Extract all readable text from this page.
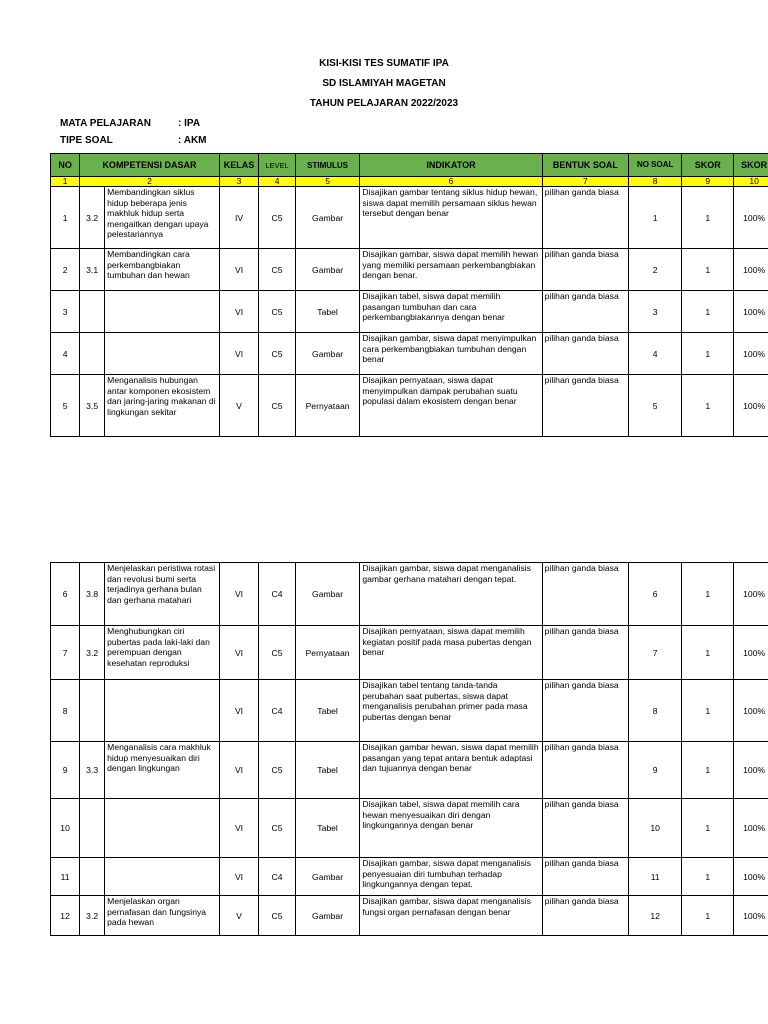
KISI-KISI TES SUMATIF IPA
SD ISLAMIYAH MAGETAN
TAHUN PELAJARAN 2022/2023
MATA PELAJARAN	: IPA
TIPE SOAL	: AKM
NO	KOMPETENSI DASAR		KELAS	LEVEL	STIMULUS	INDIKATOR	BENTUK SOAL	NO SOAL	SKOR	SKOR
1	2		3	4	5	6	7	8	9	10
1	3.2	Membandingkan siklus hidup beberapa jenis makhluk hidup serta mengaitkan dengan upaya pelestariannya	IV	C5	Gambar	Disajikan gambar tentang siklus hidup hewan, siswa dapat memilih persamaan siklus hewan tersebut dengan benar	pilihan ganda biasa	1	1	100%
2	3.1	Membandingkan cara perkembangbiakan tumbuhan dan hewan	VI	C5	Gambar	Disajikan gambar, siswa dapat memilih hewan yang memiliki persamaan perkembangbiakan dengan benar.	pilihan ganda biasa	2	1	100%
3			VI	C5	Tabel	Disajikan tabel, siswa dapat memilih pasangan tumbuhan dan cara perkembangbiakannya dengan benar	pilihan ganda biasa	3	1	100%
4			VI	C5	Gambar	Disajikan gambar, siswa dapat menyimpulkan cara perkembangbiakan tumbuhan dengan benar	pilihan ganda biasa	4	1	100%
5	3.5	Menganalisis hubungan antar komponen ekosistem dan jaring-jaring makanan di lingkungan sekitar	V	C5	Pernyataan	Disajikan pernyataan, siswa dapat menyimpulkan dampak perubahan suatu populasi dalam ekosistem dengan benar	pilihan ganda biasa	5	1	100%
6	3.8	Menjelaskan peristiwa rotasi dan revolusi bumi serta terjadinya gerhana bulan dan gerhana matahari	VI	C4	Gambar	Disajikan gambar, siswa dapat menganalisis gambar gerhana matahari dengan tepat.	pilihan ganda biasa	6	1	100%
7	3.2	Menghubungkan ciri pubertas pada laki-laki dan perempuan dengan kesehatan reproduksi	VI	C5	Pernyataan	Disajikan pernyataan, siswa dapat memilih kegiatan positif pada masa pubertas dengan benar	pilihan ganda biasa	7	1	100%
8			VI	C4	Tabel	Disajikan tabel tentang tanda-tanda perubahan saat pubertas, siswa dapat menganalisis perubahan primer pada masa pubertas dengan benar	pilihan ganda biasa	8	1	100%
9	3.3	Menganalisis cara makhluk hidup menyesuaikan diri dengan lingkungan	VI	C5	Tabel	Disajikan gambar hewan, siswa dapat memilih pasangan yang tepat antara bentuk adaptasi dan tujuannya dengan benar	pilihan ganda biasa	9	1	100%
10			VI	C5	Tabel	Disajikan tabel, siswa dapat memilih cara hewan menyesuaikan diri dengan lingkungannya dengan benar	pilihan ganda biasa	10	1	100%
11			VI	C4	Gambar	Disajikan gambar, siswa dapat menganalisis penyesuaian diri tumbuhan terhadap lingkungannya dengan tepat.	pilihan ganda biasa	11	1	100%
12	3.2	Menjelaskan organ pernafasan dan fungsinya pada hewan	V	C5	Gambar	Disajikan gambar, siswa dapat menganalisis fungsi organ pernafasan dengan benar	pilihan ganda biasa	12	1	100%
